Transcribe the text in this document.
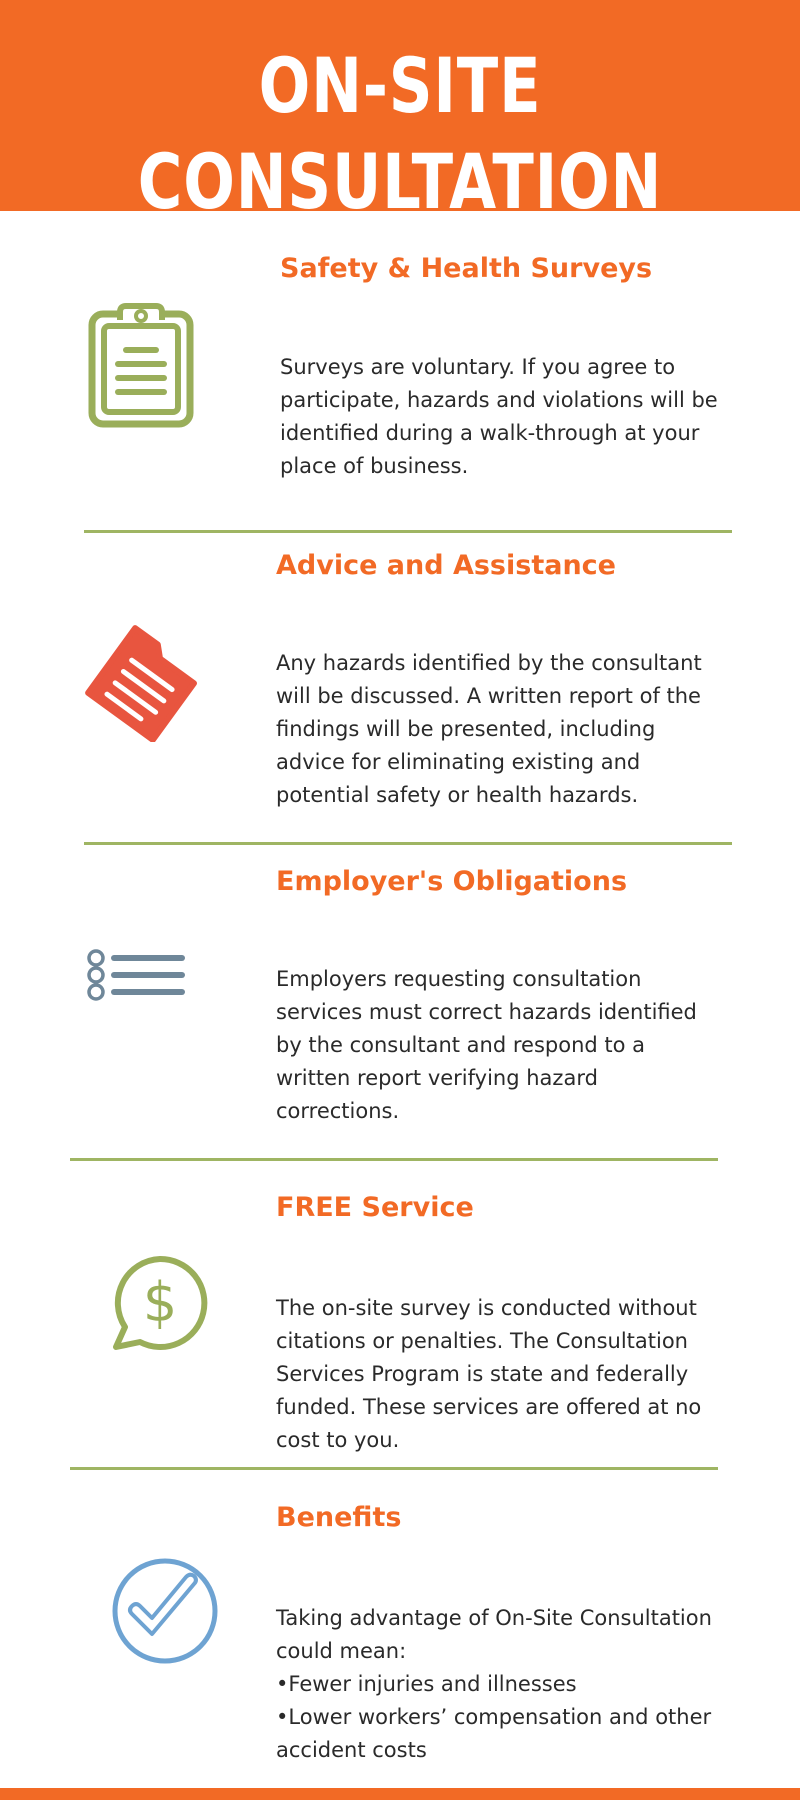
ON-SITE CONSULTATION
Safety & Health Surveys

Surveys are voluntary. If you agree to participate, hazards and violations will be identified during a walk-through at your place of business.

Advice and Assistance

Any hazards identified by the consultant will be discussed. A written report of the findings will be presented, including advice for eliminating existing and potential safety or health hazards.

Employer's Obligations

Employers requesting consultation services must correct hazards identified by the consultant and respond to a written report verifying hazard corrections.

$
FREE Service

The on-site survey is conducted without citations or penalties. The Consultation Services Program is state and federally funded. These services are offered at no cost to you.

Benefits
Taking advantage of On-Site Consultation could mean:
•Fewer injuries and illnesses
•Lower workers’ compensation and other accident costs
